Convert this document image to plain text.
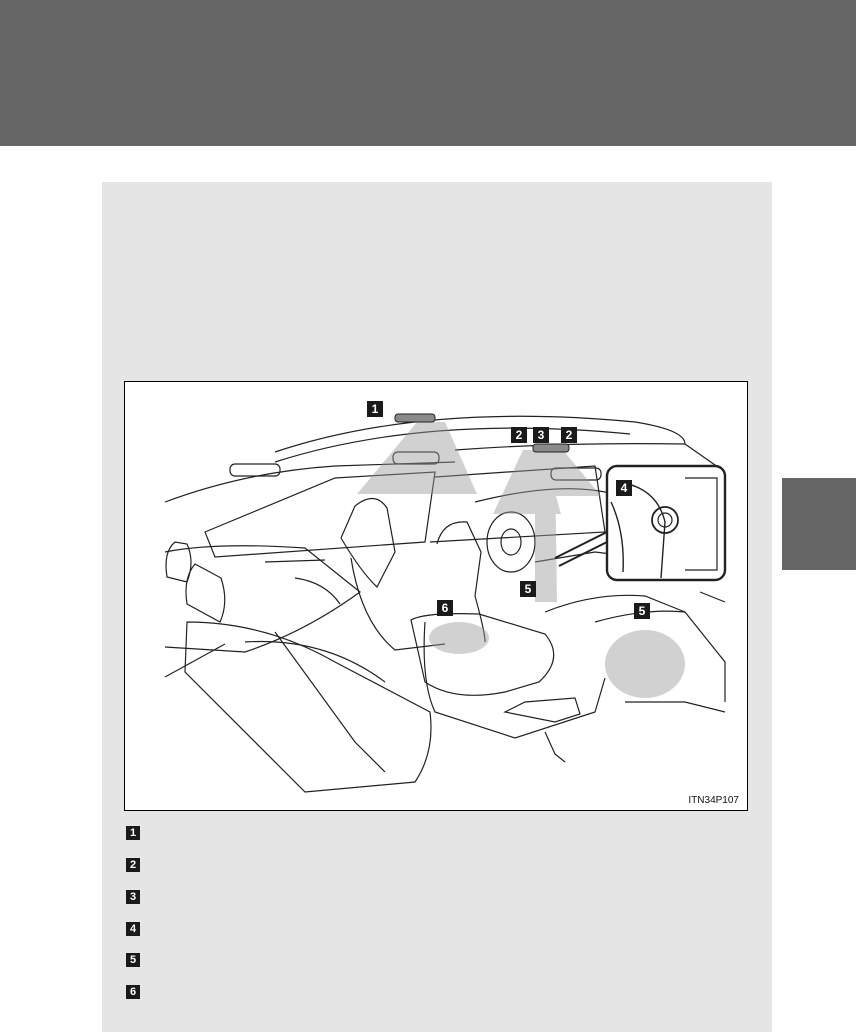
1
2	3	2
4
5
5
6
ITN34P107
1
2
3
4
5
6
